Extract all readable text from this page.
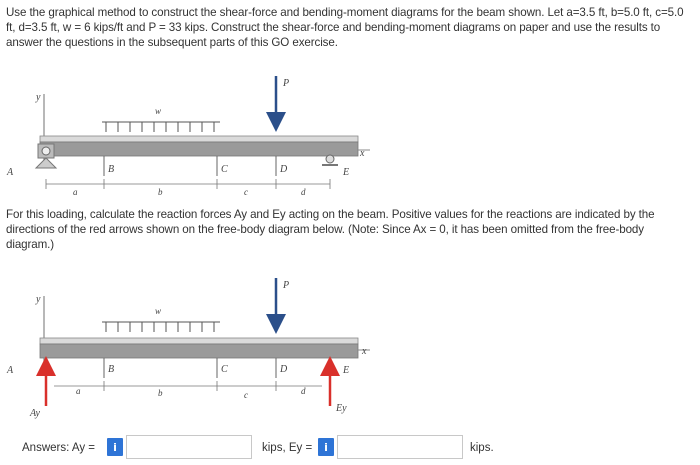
Use the graphical method to construct the shear-force and bending-moment diagrams for the beam shown. Let a=3.5 ft, b=5.0 ft, c=5.0 ft, d=3.5 ft, w = 6 kips/ft and P = 33 kips. Construct the shear-force and bending-moment diagrams on paper and use the results to answer the questions in the subsequent parts of this GO exercise.

y
w
P
x
A	E
B	C	D
a	b	c	d

For this loading, calculate the reaction forces Ay and Ey acting on the beam. Positive values for the reactions are indicated by the directions of the red arrows shown on the free-body diagram below. (Note: Since Ax = 0, it has been omitted from the free-body diagram.)

y
w
P
x
A
Ay
E
Ey
B	C	D
a	b	c	d
Answers: Ay =	i	kips, Ey =	i	kips.
